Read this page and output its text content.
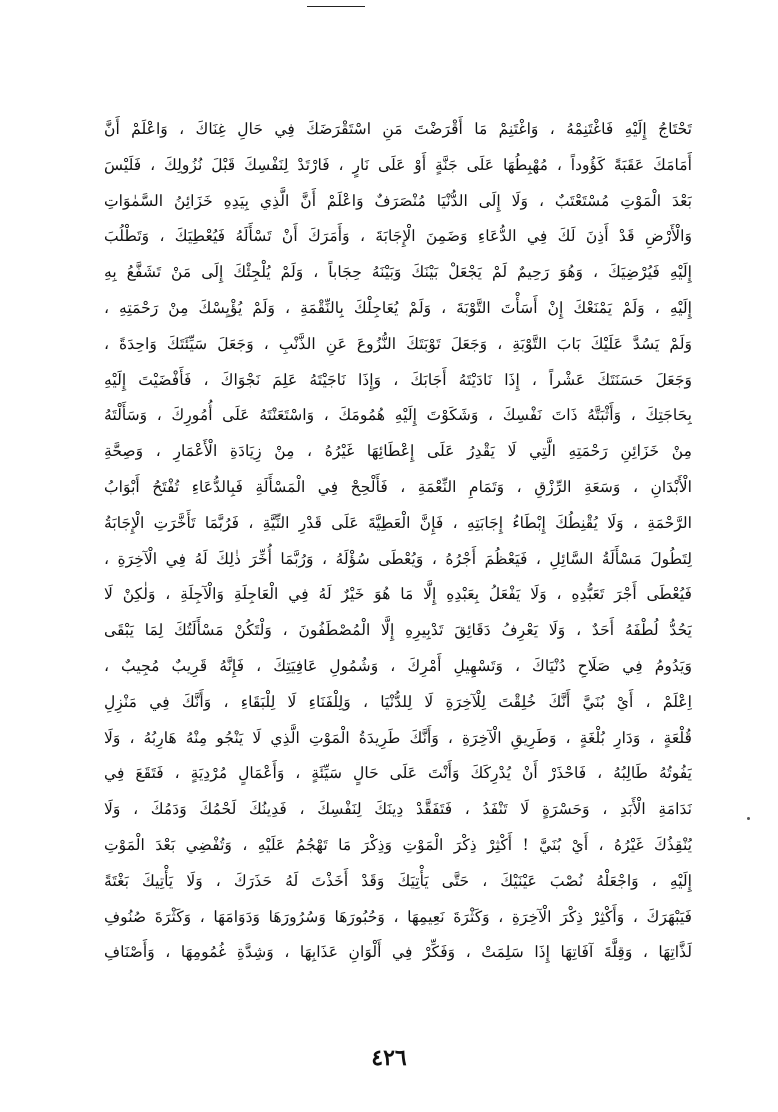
تَحْتَاجُ إِلَيْهِ فَاغْتَنِمْهُ ، وَاغْتَنِمْ مَا أَقْرَضْتَ مَنِ اسْتَقْرَضَكَ فِي حَالِ غِنَاكَ ، وَاعْلَمْ أَنَّ
أَمَامَكَ عَقَبَةً كَؤُوداً ، مُهْبِطُهَا عَلَى جَنَّةٍ أَوْ عَلَى نَارٍ ، فَارْتَدْ لِنَفْسِكَ قَبْلَ نُزُولِكَ ، فَلَيْسَ
بَعْدَ الْمَوْتِ مُسْتَعْتَبٌ ، وَلَا إِلَى الدُّنْيَا مُنْصَرَفٌ وَاعْلَمْ أَنَّ الَّذِي بِيَدِهِ خَزَائِنُ السَّمٰوَاتِ
وَالْأَرْضِ قَدْ أَذِنَ لَكَ فِي الدُّعَاءِ وَضَمِنَ الْإِجَابَةَ ، وَأَمَرَكَ أَنْ تَسْأَلَهُ فَيُعْطِيَكَ ، وَتَطْلُبَ
إِلَيْهِ فَيُرْضِيَكَ ، وَهُوَ رَحِيمٌ لَمْ يَجْعَلْ بَيْنَكَ وَبَيْنَهُ حِجَاباً ، وَلَمْ يُلْجِئْكَ إِلَى مَنْ تَشَفَّعُ بِهِ
إِلَيْهِ ، وَلَمْ يَمْنَعْكَ إِنْ أَسَأْتَ التَّوْبَةَ ، وَلَمْ يُعَاجِلْكَ بِالنِّقْمَةِ ، وَلَمْ يُؤْيِسْكَ مِنْ رَحْمَتِهِ ،
وَلَمْ يَسُدَّ عَلَيْكَ بَابَ التَّوْبَةِ ، وَجَعَلَ تَوْبَتَكَ النُّزُوعَ عَنِ الذَّنْبِ ، وَجَعَلَ سَيِّئَتَكَ وَاحِدَةً ،
وَجَعَلَ حَسَنَتَكَ عَشْراً ، إِذَا نَادَيْتَهُ أَجَابَكَ ، وَإِذَا نَاجَيْتَهُ عَلِمَ نَجْوَاكَ ، فَأَفْضَيْتَ إِلَيْهِ
بِحَاجَتِكَ ، وَأَثْبَتَّهُ ذَاتَ نَفْسِكَ ، وَشَكَوْتَ إِلَيْهِ هُمُومَكَ ، وَاسْتَعَنْتَهُ عَلَى أُمُورِكَ ، وَسَأَلْتَهُ
مِنْ خَزَائِنِ رَحْمَتِهِ الَّتِي لَا يَقْدِرُ عَلَى إِعْطَائِهَا غَيْرُهُ ، مِنْ زِيَادَةِ الْأَعْمَارِ ، وَصِحَّةِ
الْأَبْدَانِ ، وَسَعَةِ الرِّزْقِ ، وَتَمَامِ النِّعْمَةِ ، فَأَلْحِحْ فِي الْمَسْأَلَةِ فَبِالدُّعَاءِ تُفْتَحُ أَبْوَابُ
الرَّحْمَةِ ، وَلَا يُقْنِطُكَ إِبْطَاءُ إِجَابَتِهِ ، فَإِنَّ الْعَطِيَّةَ عَلَى قَدْرِ النِّيَّةِ ، فَرُبَّمَا تَأَخَّرَتِ الْإِجَابَةُ
لِتَطُولَ مَسْأَلَةُ السَّائِلِ ، فَيَعْظُمَ أَجْرُهُ ، وَيُعْطَى سُؤْلَهُ ، وَرُبَّمَا أُخِّرَ ذٰلِكَ لَهُ فِي الْآخِرَةِ ،
فَيُعْطَى أَجْرَ تَعَبُّدِهِ ، وَلَا يَفْعَلُ بِعَبْدِهِ إِلَّا مَا هُوَ خَيْرٌ لَهُ فِي الْعَاجِلَةِ وَالْآجِلَةِ ، وَلٰكِنْ لَا
يَحُدُّ لُطْفَهُ أَحَدٌ ، وَلَا يَعْرِفُ دَقَائِقَ تَدْبِيرِهِ إِلَّا الْمُصْطَفُونَ ، وَلْتَكُنْ مَسْأَلَتُكَ لِمَا يَبْقَى
وَيَدُومُ فِي صَلَاحِ دُنْيَاكَ ، وَتَسْهِيلِ أَمْرِكَ ، وَشُمُولِ عَافِيَتِكَ ، فَإِنَّهُ قَرِيبٌ مُجِيبٌ ،
اِعْلَمْ ، أَيْ بُنَيَّ أَنَّكَ خُلِقْتَ لِلْآخِرَةِ لَا لِلدُّنْيَا ، وَلِلْفَنَاءِ لَا لِلْبَقَاءِ ، وَأَنَّكَ فِي مَنْزِلِ
قُلْعَةٍ ، وَدَارِ بُلْغَةٍ ، وَطَرِيقِ الْآخِرَةِ ، وَأَنَّكَ طَرِيدَةُ الْمَوْتِ الَّذِي لَا يَنْجُو مِنْهُ هَارِبُهُ ، وَلَا
يَفُوتُهُ طَالِبُهُ ، فَاحْذَرْ أَنْ يُدْرِكَكَ وَأَنْتَ عَلَى حَالٍ سَيِّئَةٍ ، وَأَعْمَالٍ مُرْدِيَةٍ ، فَتَقَعَ فِي
نَدَامَةِ الْأَبَدِ ، وَحَسْرَةٍ لَا تَنْفَدُ ، فَتَفَقَّدْ دِينَكَ لِنَفْسِكَ ، فَدِينُكَ لَحْمُكَ وَدَمُكَ ، وَلَا
يُنْقِذُكَ غَيْرُهُ ، أَيْ بُنَيَّ ! أَكْثِرْ ذِكْرَ الْمَوْتِ وَذِكْرَ مَا تَهْجُمُ عَلَيْهِ ، وَتُفْضِي بَعْدَ الْمَوْتِ
إِلَيْهِ ، وَاجْعَلْهُ نُصْبَ عَيْنَيْكَ ، حَتَّى يَأْتِيَكَ وَقَدْ أَخَذْتَ لَهُ حَذَرَكَ ، وَلَا يَأْتِيكَ بَغْتَةً
فَيَبْهَرَكَ ، وَأَكْثِرْ ذِكْرَ الْآخِرَةِ ، وَكَثْرَةَ نَعِيمِهَا ، وَحُبُورَهَا وَسُرُورَهَا وَدَوَامَهَا ، وَكَثْرَةَ صُنُوفِ
لَذَّاتِهَا ، وَقِلَّةَ آفَاتِهَا إِذَا سَلِمَتْ ، وَفَكِّرْ فِي أَلْوَانِ عَذَابِهَا ، وَشِدَّةِ غُمُومِهَا ، وَأَصْنَافِ
٤٢٦
